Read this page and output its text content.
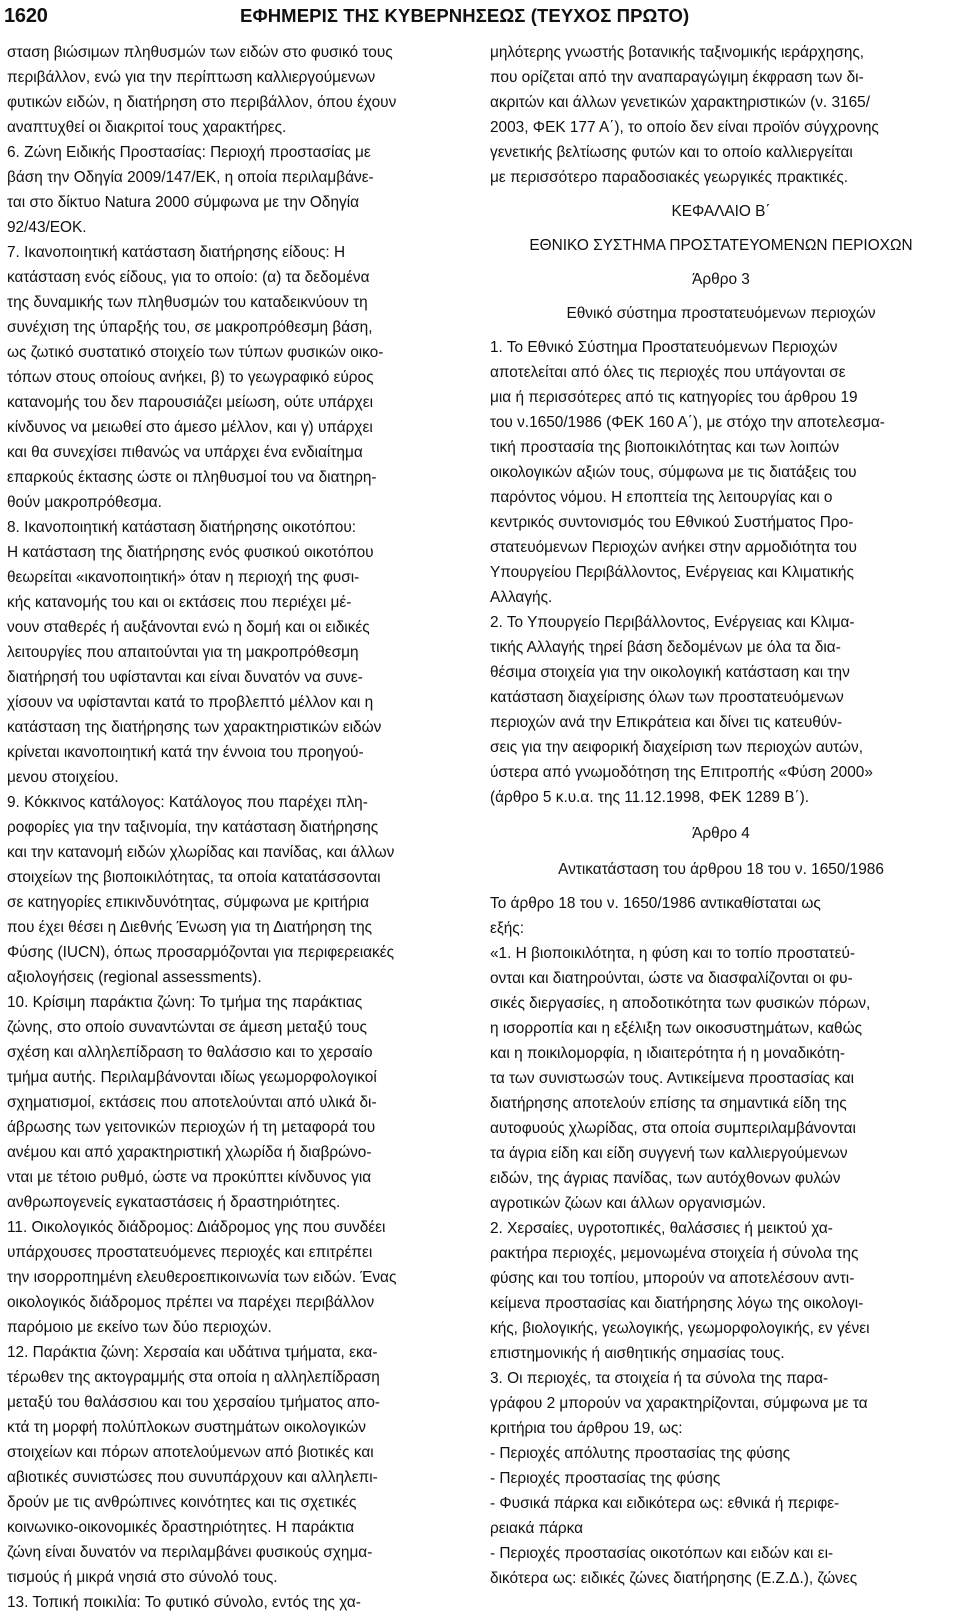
1620	ΕΦΗΜΕΡΙΣ ΤΗΣ ΚΥΒΕΡΝΗΣΕΩΣ (ΤΕΥΧΟΣ ΠΡΩΤΟ)

σταση βιώσιμων πληθυσμών των ειδών στο φυσικό τους
περιβάλλον, ενώ για την περίπτωση καλλιεργούμενων
φυτικών ειδών, η διατήρηση στο περιβάλλον, όπου έχουν
αναπτυχθεί οι διακριτοί τους χαρακτήρες.

6. Ζώνη Ειδικής Προστασίας: Περιοχή προστασίας με
βάση την Οδηγία 2009/147/ΕΚ, η οποία περιλαμβάνε-
ται στο δίκτυο Natura 2000 σύμφωνα με την Οδηγία
92/43/ΕΟΚ.

7. Ικανοποιητική κατάσταση διατήρησης είδους: Η
κατάσταση ενός είδους, για το οποίο: (α) τα δεδομένα
της δυναμικής των πληθυσμών του καταδεικνύουν τη
συνέχιση της ύπαρξής του, σε μακροπρόθεσμη βάση,
ως ζωτικό συστατικό στοιχείο των τύπων φυσικών οικο-
τόπων στους οποίους ανήκει, β) το γεωγραφικό εύρος
κατανομής του δεν παρουσιάζει μείωση, ούτε υπάρχει
κίνδυνος να μειωθεί στο άμεσο μέλλον, και γ) υπάρχει
και θα συνεχίσει πιθανώς να υπάρχει ένα ενδιαίτημα
επαρκούς έκτασης ώστε οι πληθυσμοί του να διατηρη-
θούν μακροπρόθεσμα.

8. Ικανοποιητική κατάσταση διατήρησης οικοτόπου:
Η κατάσταση της διατήρησης ενός φυσικού οικοτόπου
θεωρείται «ικανοποιητική» όταν η περιοχή της φυσι-
κής κατανομής του και οι εκτάσεις που περιέχει μέ-
νουν σταθερές ή αυξάνονται ενώ η δομή και οι ειδικές
λειτουργίες που απαιτούνται για τη μακροπρόθεσμη
διατήρησή του υφίστανται και είναι δυνατόν να συνε-
χίσουν να υφίστανται κατά το προβλεπτό μέλλον και η
κατάσταση της διατήρησης των χαρακτηριστικών ειδών
κρίνεται ικανοποιητική κατά την έννοια του προηγού-
μενου στοιχείου.

9. Κόκκινος κατάλογος: Κατάλογος που παρέχει πλη-
ροφορίες για την ταξινομία, την κατάσταση διατήρησης
και την κατανομή ειδών χλωρίδας και πανίδας, και άλλων
στοιχείων της βιοποικιλότητας, τα οποία κατατάσσονται
σε κατηγορίες επικινδυνότητας, σύμφωνα με κριτήρια
που έχει θέσει η Διεθνής Ένωση για τη Διατήρηση της
Φύσης (IUCN), όπως προσαρμόζονται για περιφερειακές
αξιολογήσεις (regional assessments).

10. Κρίσιμη παράκτια ζώνη: Το τμήμα της παράκτιας
ζώνης, στο οποίο συναντώνται σε άμεση μεταξύ τους
σχέση και αλληλεπίδραση το θαλάσσιο και το χερσαίο
τμήμα αυτής. Περιλαμβάνονται ιδίως γεωμορφολογικοί
σχηματισμοί, εκτάσεις που αποτελούνται από υλικά δι-
άβρωσης των γειτονικών περιοχών ή τη μεταφορά του
ανέμου και από χαρακτηριστική χλωρίδα ή διαβρώνο-
νται με τέτοιο ρυθμό, ώστε να προκύπτει κίνδυνος για
ανθρωπογενείς εγκαταστάσεις ή δραστηριότητες.

11. Οικολογικός διάδρομος: Διάδρομος γης που συνδέει
υπάρχουσες προστατευόμενες περιοχές και επιτρέπει
την ισορροπημένη ελευθεροεπικοινωνία των ειδών. Ένας
οικολογικός διάδρομος πρέπει να παρέχει περιβάλλον
παρόμοιο με εκείνο των δύο περιοχών.

12. Παράκτια ζώνη: Χερσαία και υδάτινα τμήματα, εκα-
τέρωθεν της ακτογραμμής στα οποία η αλληλεπίδραση
μεταξύ του θαλάσσιου και του χερσαίου τμήματος απο-
κτά τη μορφή πολύπλοκων συστημάτων οικολογικών
στοιχείων και πόρων αποτελούμενων από βιοτικές και
αβιοτικές συνιστώσες που συνυπάρχουν και αλληλεπι-
δρούν με τις ανθρώπινες κοινότητες και τις σχετικές
κοινωνικο-οικονομικές δραστηριότητες. Η παράκτια
ζώνη είναι δυνατόν να περιλαμβάνει φυσικούς σχημα-
τισμούς ή μικρά νησιά στο σύνολό τους.

13. Τοπική ποικιλία: Το φυτικό σύνολο, εντός της χα-

μηλότερης γνωστής βοτανικής ταξινομικής ιεράρχησης,
που ορίζεται από την αναπαραγώγιμη έκφραση των δι-
ακριτών και άλλων γενετικών χαρακτηριστικών (ν. 3165/
2003, ΦΕΚ 177 Α΄), το οποίο δεν είναι προϊόν σύγχρονης
γενετικής βελτίωσης φυτών και το οποίο καλλιεργείται
με περισσότερο παραδοσιακές γεωργικές πρακτικές.

ΚΕΦΑΛΑΙΟ Β΄

ΕΘΝΙΚΟ ΣΥΣΤΗΜΑ ΠΡΟΣΤΑΤΕΥΟΜΕΝΩΝ ΠΕΡΙΟΧΩΝ

Άρθρο 3

Εθνικό σύστημα προστατευόμενων περιοχών

1. Το Εθνικό Σύστημα Προστατευόμενων Περιοχών
αποτελείται από όλες τις περιοχές που υπάγονται σε
μια ή περισσότερες από τις κατηγορίες του άρθρου 19
του ν.1650/1986 (ΦΕΚ 160 Α΄), με στόχο την αποτελεσμα-
τική προστασία της βιοποικιλότητας και των λοιπών
οικολογικών αξιών τους, σύμφωνα με τις διατάξεις του
παρόντος νόμου. Η εποπτεία της λειτουργίας και ο
κεντρικός συντονισμός του Εθνικού Συστήματος Προ-
στατευόμενων Περιοχών ανήκει στην αρμοδιότητα του
Υπουργείου Περιβάλλοντος, Ενέργειας και Κλιματικής
Αλλαγής.

2. Το Υπουργείο Περιβάλλοντος, Ενέργειας και Κλιμα-
τικής Αλλαγής τηρεί βάση δεδομένων με όλα τα δια-
θέσιμα στοιχεία για την οικολογική κατάσταση και την
κατάσταση διαχείρισης όλων των προστατευόμενων
περιοχών ανά την Επικράτεια και δίνει τις κατευθύν-
σεις για την αειφορική διαχείριση των περιοχών αυτών,
ύστερα από γνωμοδότηση της Επιτροπής «Φύση 2000»
(άρθρο 5 κ.υ.α. της 11.12.1998, ΦΕΚ 1289 Β΄).

Άρθρο 4

Αντικατάσταση του άρθρου 18 του ν. 1650/1986

Το άρθρο 18 του ν. 1650/1986 αντικαθίσταται ως
εξής:

«1. Η βιοποικιλότητα, η φύση και το τοπίο προστατεύ-
ονται και διατηρούνται, ώστε να διασφαλίζονται οι φυ-
σικές διεργασίες, η αποδοτικότητα των φυσικών πόρων,
η ισορροπία και η εξέλιξη των οικοσυστημάτων, καθώς
και η ποικιλομορφία, η ιδιαιτερότητα ή η μοναδικότη-
τα των συνιστωσών τους. Αντικείμενα προστασίας και
διατήρησης αποτελούν επίσης τα σημαντικά είδη της
αυτοφυούς χλωρίδας, στα οποία συμπεριλαμβάνονται
τα άγρια είδη και είδη συγγενή των καλλιεργούμενων
ειδών, της άγριας πανίδας, των αυτόχθονων φυλών
αγροτικών ζώων και άλλων οργανισμών.

2. Χερσαίες, υγροτοπικές, θαλάσσιες ή μεικτού χα-
ρακτήρα περιοχές, μεμονωμένα στοιχεία ή σύνολα της
φύσης και του τοπίου, μπορούν να αποτελέσουν αντι-
κείμενα προστασίας και διατήρησης λόγω της οικολογι-
κής, βιολογικής, γεωλογικής, γεωμορφολογικής, εν γένει
επιστημονικής ή αισθητικής σημασίας τους.

3. Οι περιοχές, τα στοιχεία ή τα σύνολα της παρα-
γράφου 2 μπορούν να χαρακτηρίζονται, σύμφωνα με τα
κριτήρια του άρθρου 19, ως:

- Περιοχές απόλυτης προστασίας της φύσης

- Περιοχές προστασίας της φύσης

- Φυσικά πάρκα και ειδικότερα ως: εθνικά ή περιφε-
ρειακά πάρκα

- Περιοχές προστασίας οικοτόπων και ειδών και ει-
δικότερα ως: ειδικές ζώνες διατήρησης (Ε.Ζ.Δ.), ζώνες
